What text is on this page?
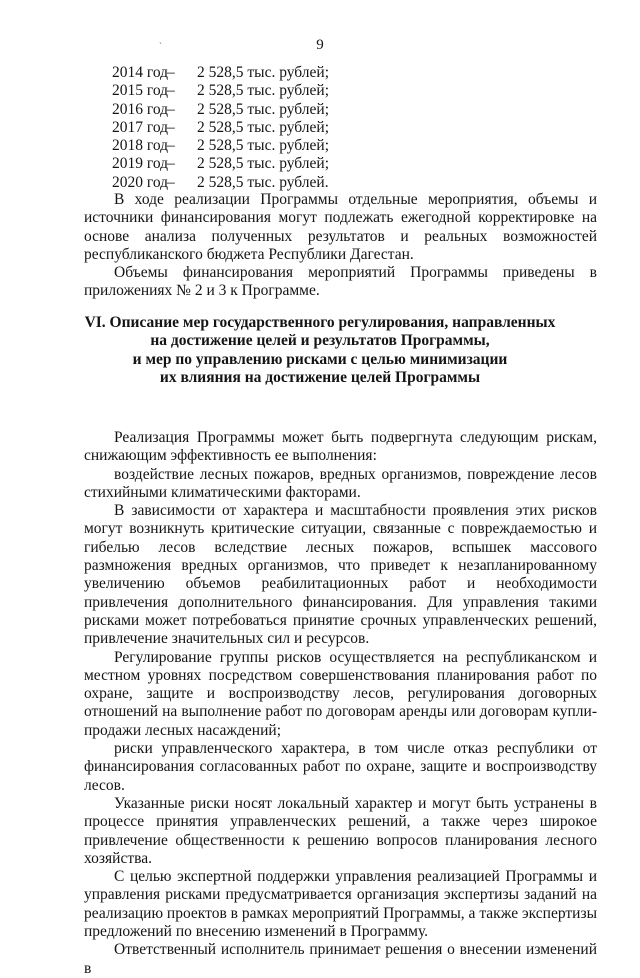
9
`
2014 год– 2 528,5 тыс. рублей;
2015 год– 2 528,5 тыс. рублей;
2016 год– 2 528,5 тыс. рублей;
2017 год– 2 528,5 тыс. рублей;
2018 год– 2 528,5 тыс. рублей;
2019 год– 2 528,5 тыс. рублей;
2020 год– 2 528,5 тыс. рублей.

В ходе реализации Программы отдельные мероприятия, объемы и источники финансирования могут подлежать ежегодной корректировке на основе анализа полученных результатов и реальных возможностей республиканского бюджета Республики Дагестан.

Объемы финансирования мероприятий Программы приведены в приложениях № 2 и 3 к Программе.

VI. Описание мер государственного регулирования, направленных
на достижение целей и результатов Программы,
и мер по управлению рисками с целью минимизации
их влияния на достижение целей Программы

Реализация Программы может быть подвергнута следующим рискам, снижающим эффективность ее выполнения:

воздействие лесных пожаров, вредных организмов, повреждение лесов стихийными климатическими факторами.

В зависимости от характера и масштабности проявления этих рисков могут возникнуть критические ситуации, связанные с повреждаемостью и гибелью лесов вследствие лесных пожаров, вспышек массового размножения вредных организмов, что приведет к незапланированному увеличению объемов реабилитационных работ и необходимости привлечения дополнительного финансирования. Для управления такими рисками может потребоваться принятие срочных управленческих решений, привлечение значительных сил и ресурсов.

Регулирование группы рисков осуществляется на республиканском и местном уровнях посредством совершенствования планирования работ по охране, защите и воспроизводству лесов, регулирования договорных отношений на выполнение работ по договорам аренды или договорам купли-продажи лесных насаждений;

риски управленческого характера, в том числе отказ республики от финансирования согласованных работ по охране, защите и воспроизводству лесов.

Указанные риски носят локальный характер и могут быть устранены в процессе принятия управленческих решений, а также через широкое привлечение общественности к решению вопросов планирования лесного хозяйства.

С целью экспертной поддержки управления реализацией Программы и управления рисками предусматривается организация экспертизы заданий на реализацию проектов в рамках мероприятий Программы, а также экспертизы предложений по внесению изменений в Программу.

Ответственный исполнитель принимает решения о внесении изменений в
